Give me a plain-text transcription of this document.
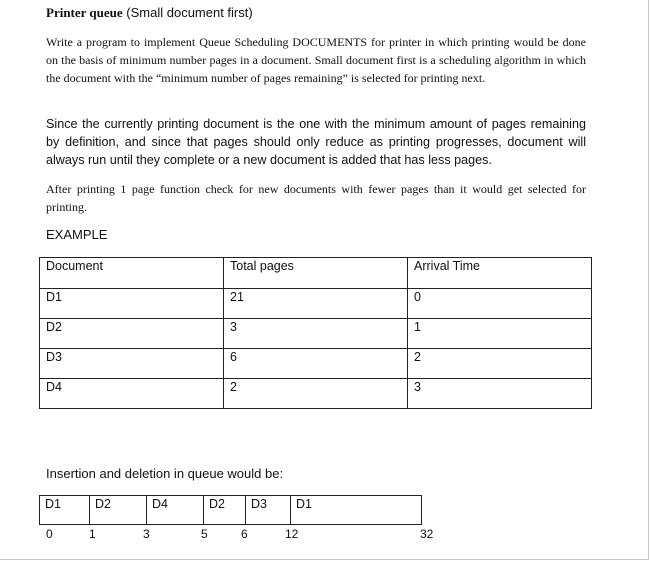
Printer queue (Small document first)

Write a program to implement Queue Scheduling DOCUMENTS for printer in which printing would be done on the basis of minimum number pages in a document. Small document first is a scheduling algorithm in which the document with the “minimum number of pages remaining” is selected for printing next.

Since the currently printing document is the one with the minimum amount of pages remaining by definition, and since that pages should only reduce as printing progresses, document will always run until they complete or a new document is added that has less pages.

After printing 1 page function check for new documents with fewer pages than it would get selected for printing.

EXAMPLE
Document	Total pages	Arrival Time
D1	21	0
D2	3	1
D3	6	2
D4	2	3
Insertion and deletion in queue would be:
D1	D2	D4	D2	D3	D1
0	1	3	5	6	12	32
